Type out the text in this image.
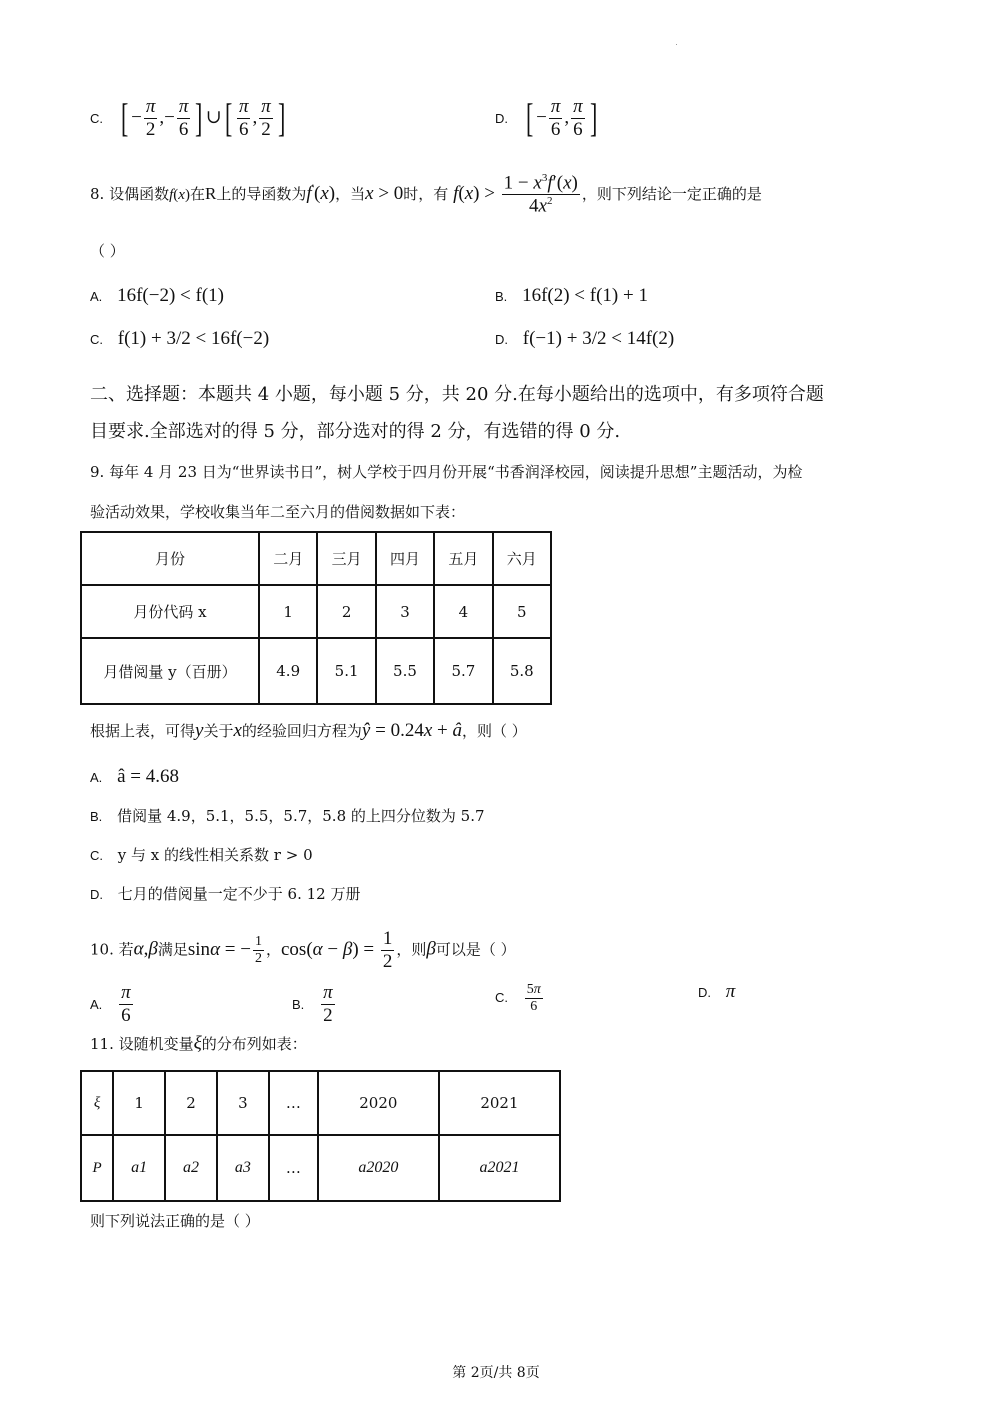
C. [ − $\frac{\pi}{2}$ ,− $\frac{\pi}{6}$ ] ∪[ $\frac{\pi}{6}$ , $\frac{\pi}{2}$ ]	D. [ − $\frac{\pi}{6}$ , $\frac{\pi}{6}$ ]
8. 设偶函数f(x)在R上的导函数为f′(x)，当x > 0时，有 $f(x) > \frac{1 - x^3f'(x)}{4x^2}$ ，则下列结论一定正确的是
（ ）
A. 16f(−2) < f(1)	B. 16f(2) < f(1) + 1
C. f(1) + 3/2 < 16f(−2)	D. f(−1) + 3/2 < 14f(2)
二、选择题：本题共 4 小题，每小题 5 分，共 20 分.在每小题给出的选项中，有多项符合题
目要求.全部选对的得 5 分，部分选对的得 2 分，有选错的得 0 分.
9. 每年 4 月 23 日为“世界读书日”，树人学校于四月份开展“书香润泽校园，阅读提升思想”主题活动，为检
验活动效果，学校收集当年二至六月的借阅数据如下表：
月份	二月	三月	四月	五月	六月
月份代码 x	1	2	3	4	5
月借阅量 y（百册）	4.9	5.1	5.5	5.7	5.8
根据上表，可得y关于x的经验回归方程为ŷ = 0.24x + â，则（ ）
A. â = 4.68
B. 借阅量 4.9，5.1，5.5，5.7，5.8 的上四分位数为 5.7
C. y 与 x 的线性相关系数 r > 0
D. 七月的借阅量一定不少于 6. 12 万册
10. 若α,β满足sinα = − $\frac{1}{2}$ ，$\cos(\alpha - \beta) = \frac{1}{2}$ ，则β可以是（ ）
A. $\frac{\pi}{6}$	B. $\frac{\pi}{2}$	C. $\frac{5\pi}{6}$	D. π
11. 设随机变量ξ的分布列如表：
ξ	1	2	3	…	2020	2021
P	a1	a2	a3	…	a2020	a2021
则下列说法正确的是（ ）
第 2页/共 8页
